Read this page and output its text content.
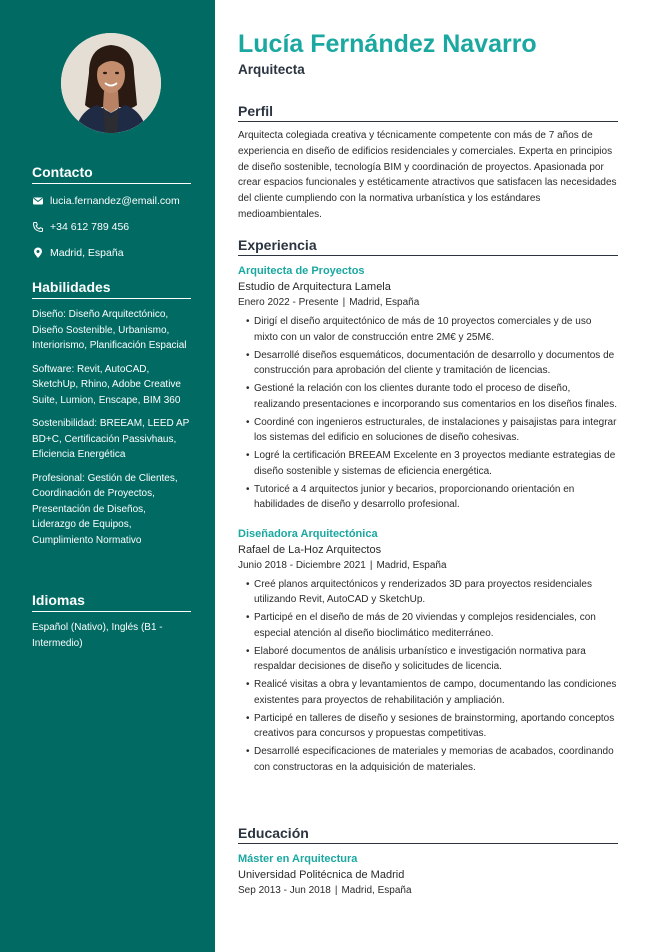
Contacto
lucia.fernandez@email.com
+34 612 789 456
Madrid, España
Habilidades
Diseño: Diseño Arquitectónico, Diseño Sostenible, Urbanismo, Interiorismo, Planificación Espacial
Software: Revit, AutoCAD, SketchUp, Rhino, Adobe Creative Suite, Lumion, Enscape, BIM 360
Sostenibilidad: BREEAM, LEED AP BD+C, Certificación Passivhaus, Eficiencia Energética
Profesional: Gestión de Clientes, Coordinación de Proyectos, Presentación de Diseños, Liderazgo de Equipos, Cumplimiento Normativo
Idiomas
Español (Nativo), Inglés (B1 - Intermedio)
Lucía Fernández Navarro
Arquitecta
Perfil
Arquitecta colegiada creativa y técnicamente competente con más de 7 años de experiencia en diseño de edificios residenciales y comerciales. Experta en principios de diseño sostenible, tecnología BIM y coordinación de proyectos. Apasionada por crear espacios funcionales y estéticamente atractivos que satisfacen las necesidades del cliente cumpliendo con la normativa urbanística y los estándares medioambientales.
Experiencia
Arquitecta de Proyectos
Estudio de Arquitectura Lamela
Enero 2022 - Presente | Madrid, España
• Dirigí el diseño arquitectónico de más de 10 proyectos comerciales y de uso mixto con un valor de construcción entre 2M€ y 25M€.
• Desarrollé diseños esquemáticos, documentación de desarrollo y documentos de construcción para aprobación del cliente y tramitación de licencias.
• Gestioné la relación con los clientes durante todo el proceso de diseño, realizando presentaciones e incorporando sus comentarios en los diseños finales.
• Coordiné con ingenieros estructurales, de instalaciones y paisajistas para integrar los sistemas del edificio en soluciones de diseño cohesivas.
• Logré la certificación BREEAM Excelente en 3 proyectos mediante estrategias de diseño sostenible y sistemas de eficiencia energética.
• Tutoricé a 4 arquitectos junior y becarios, proporcionando orientación en habilidades de diseño y desarrollo profesional.
Diseñadora Arquitectónica
Rafael de La-Hoz Arquitectos
Junio 2018 - Diciembre 2021 | Madrid, España
• Creé planos arquitectónicos y renderizados 3D para proyectos residenciales utilizando Revit, AutoCAD y SketchUp.
• Participé en el diseño de más de 20 viviendas y complejos residenciales, con especial atención al diseño bioclimático mediterráneo.
• Elaboré documentos de análisis urbanístico e investigación normativa para respaldar decisiones de diseño y solicitudes de licencia.
• Realicé visitas a obra y levantamientos de campo, documentando las condiciones existentes para proyectos de rehabilitación y ampliación.
• Participé en talleres de diseño y sesiones de brainstorming, aportando conceptos creativos para concursos y propuestas competitivas.
• Desarrollé especificaciones de materiales y memorias de acabados, coordinando con constructoras en la adquisición de materiales.
Educación
Máster en Arquitectura
Universidad Politécnica de Madrid
Sep 2013 - Jun 2018 | Madrid, España
